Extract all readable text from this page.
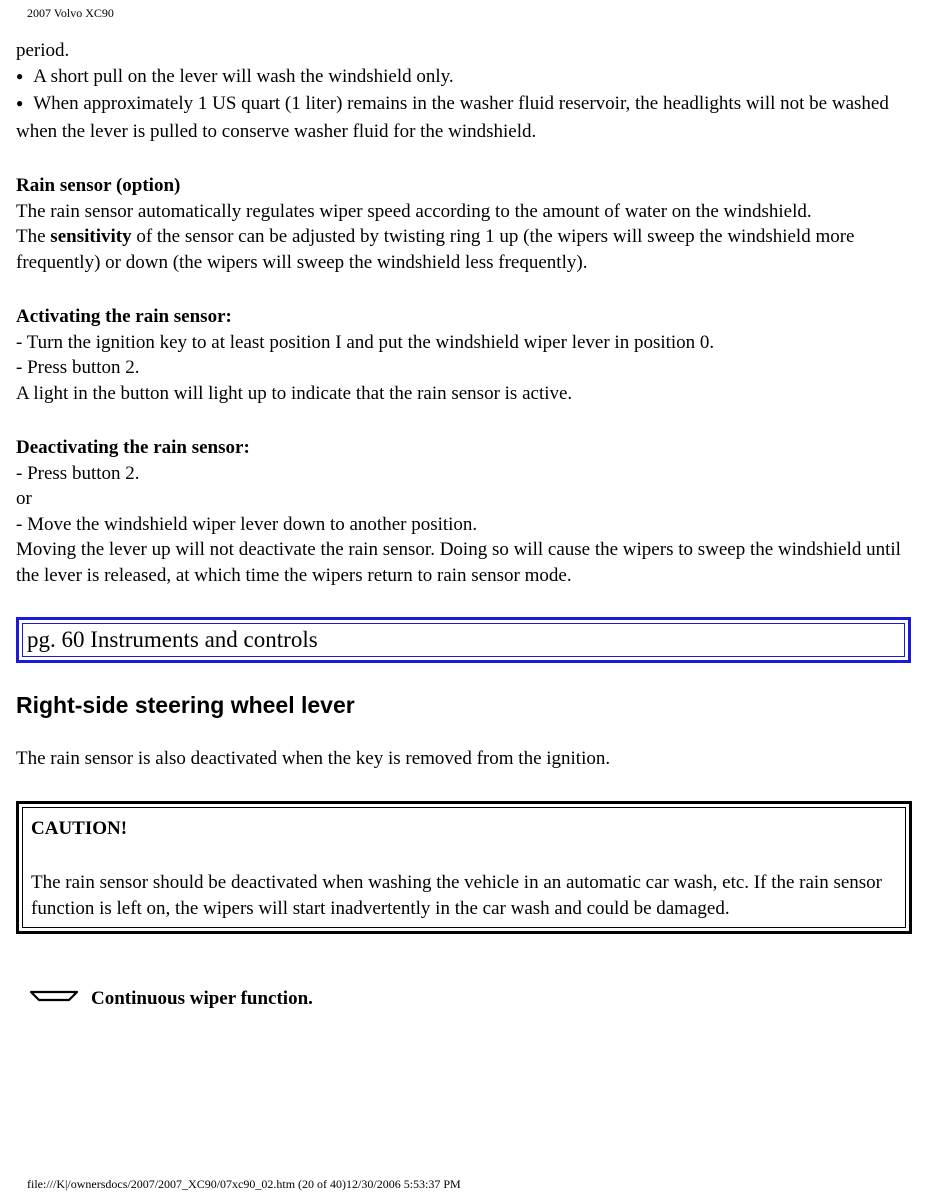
2007 Volvo XC90

period.

● A short pull on the lever will wash the windshield only.

● When approximately 1 US quart (1 liter) remains in the washer fluid reservoir, the headlights will not be washed when the lever is pulled to conserve washer fluid for the windshield.

Rain sensor (option)

The rain sensor automatically regulates wiper speed according to the amount of water on the windshield.

The sensitivity of the sensor can be adjusted by twisting ring 1 up (the wipers will sweep the windshield more frequently) or down (the wipers will sweep the windshield less frequently).

Activating the rain sensor:

- Turn the ignition key to at least position I and put the windshield wiper lever in position 0.

- Press button 2.

A light in the button will light up to indicate that the rain sensor is active.

Deactivating the rain sensor:

- Press button 2.

or

- Move the windshield wiper lever down to another position.

Moving the lever up will not deactivate the rain sensor. Doing so will cause the wipers to sweep the windshield until the lever is released, at which time the wipers return to rain sensor mode.

pg. 60 Instruments and controls
Right-side steering wheel lever

The rain sensor is also deactivated when the key is removed from the ignition.

CAUTION!

The rain sensor should be deactivated when washing the vehicle in an automatic car wash, etc. If the rain sensor function is left on, the wipers will start inadvertently in the car wash and could be damaged.

Continuous wiper function.
file:///K|/ownersdocs/2007/2007_XC90/07xc90_02.htm (20 of 40)12/30/2006 5:53:37 PM
